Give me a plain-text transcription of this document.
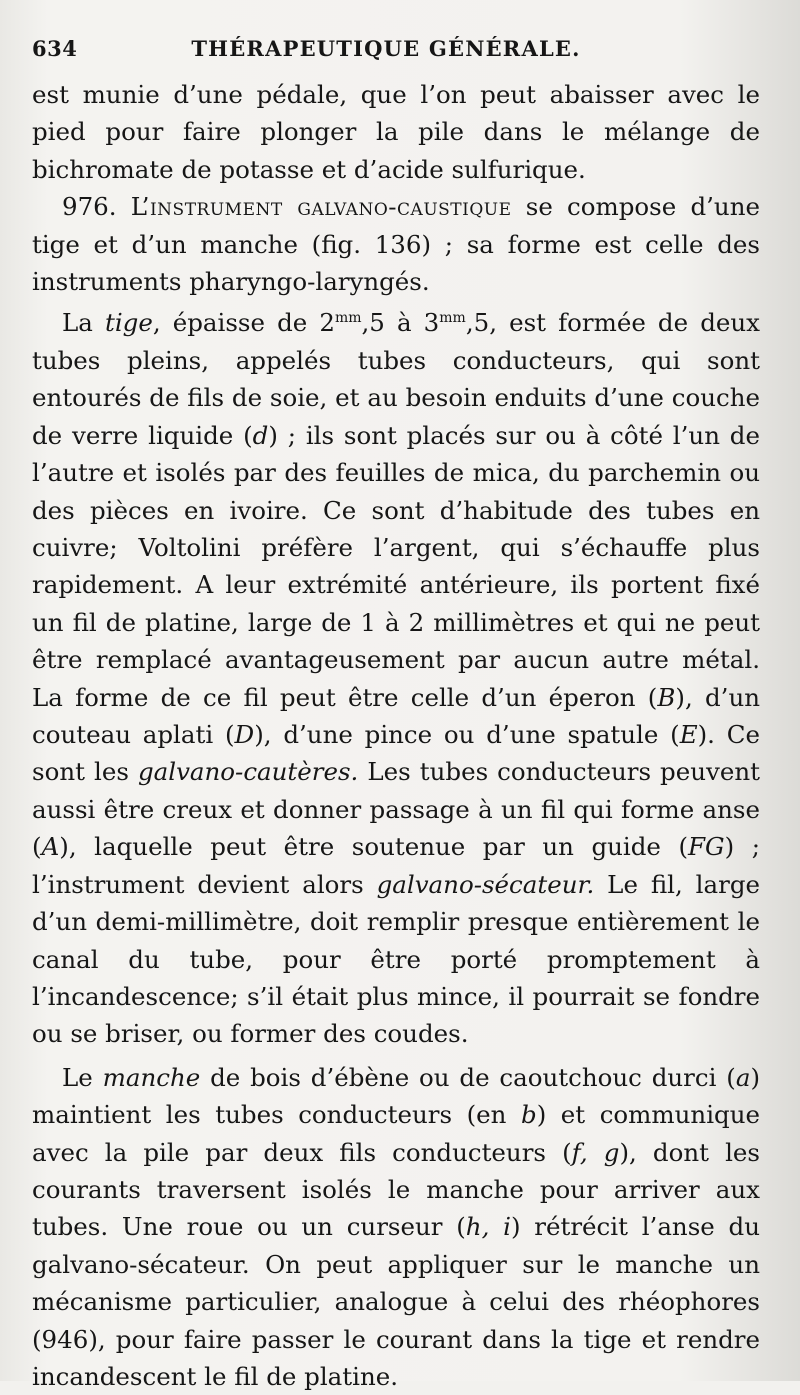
634	THÉRAPEUTIQUE GÉNÉRALE.

est munie d’une pédale, que l’on peut abaisser avec le pied pour faire plonger la pile dans le mélange de bichromate de potasse et d’acide sulfurique.

976. L’instrument galvano-caustique se compose d’une tige et d’un manche (fig. 136) ; sa forme est celle des instruments pharyngo-laryngés.

La tige, épaisse de $2^{mm},5$ à $3^{mm},5$, est formée de deux tubes pleins, appelés tubes conducteurs, qui sont entourés de fils de soie, et au besoin enduits d’une couche de verre liquide (d) ; ils sont placés sur ou à côté l’un de l’autre et isolés par des feuilles de mica, du parchemin ou des pièces en ivoire. Ce sont d’habitude des tubes en cuivre; Voltolini préfère l’argent, qui s’échauffe plus rapidement. A leur extrémité antérieure, ils portent fixé un fil de platine, large de 1 à 2 millimètres et qui ne peut être remplacé avantageusement par aucun autre métal. La forme de ce fil peut être celle d’un éperon (B), d’un couteau aplati (D), d’une pince ou d’une spatule (E). Ce sont les galvano-cautères. Les tubes conducteurs peuvent aussi être creux et donner passage à un fil qui forme anse (A), laquelle peut être soutenue par un guide (FG) ; l’instrument devient alors galvano-sécateur. Le fil, large d’un demi-millimètre, doit remplir presque entièrement le canal du tube, pour être porté promptement à l’incandescence; s’il était plus mince, il pourrait se fondre ou se briser, ou former des coudes.

Le manche de bois d’ébène ou de caoutchouc durci (a) maintient les tubes conducteurs (en b) et communique avec la pile par deux fils conducteurs (f, g), dont les courants traversent isolés le manche pour arriver aux tubes. Une roue ou un curseur (h, i) rétrécit l’anse du galvano-sécateur. On peut appliquer sur le manche un mécanisme particulier, analogue à celui des rhéophores (946), pour faire passer le courant dans la tige et rendre incandescent le fil de platine.
